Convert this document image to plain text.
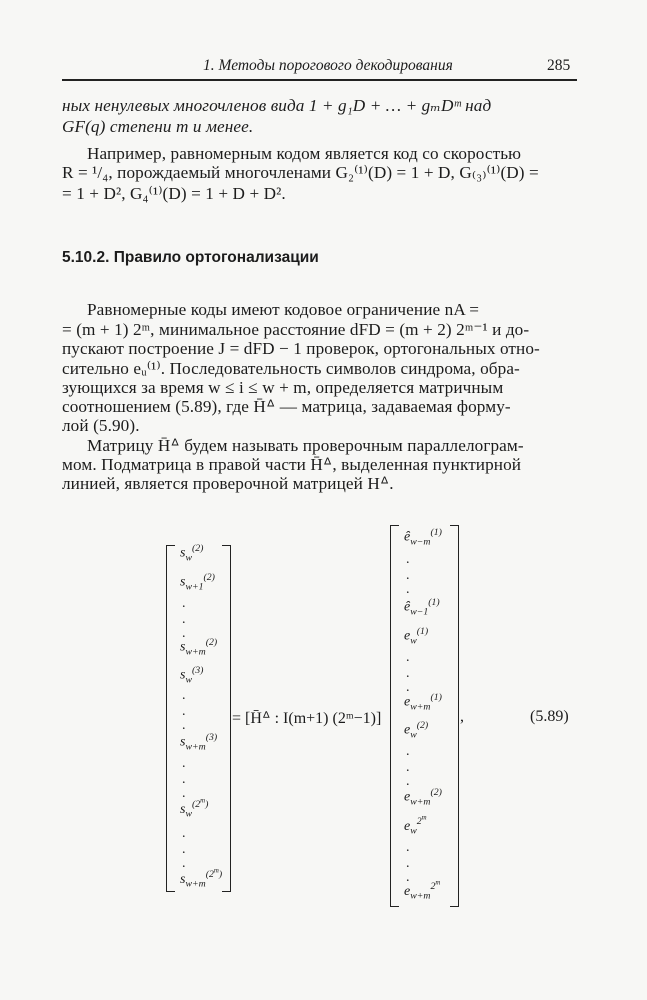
1. Методы порогового декодирования	285
ных ненулевых многочленов вида 1 + g₁D + … + gₘDᵐ над
GF(q) степени m и менее.
Например, равномерным кодом является код со скоростью
R = ¹/₄, порождаемый многочленами G₂⁽¹⁾(D) = 1 + D, G₍₃₎⁽¹⁾(D) =
= 1 + D², G₄⁽¹⁾(D) = 1 + D + D².
5.10.2. Правило ортогонализации
Равномерные коды имеют кодовое ограничение nA =
= (m + 1) 2ᵐ, минимальное расстояние dFD = (m + 2) 2ᵐ⁻¹ и до-
пускают построение J = dFD − 1 проверок, ортогональных отно-
сительно eᵤ⁽¹⁾. Последовательность символов синдрома, обра-
зующихся за время w ≤ i ≤ w + m, определяется матричным
соотношением (5.89), где H̄ᐞ — матрица, задаваемая форму-
лой (5.90).
Матрицу H̄ᐞ будем называть проверочным параллелограм-
мом. Подматрица в правой части H̄ᐞ, выделенная пунктирной
линией, является проверочной матрицей Hᐞ.
$s_w^{(2)}$
$s_{w+1}^{(2)}$
.
.
.
$s_{w+m}^{(2)}$
$s_w^{(3)}$
.
.
.
$s_{w+m}^{(3)}$
.
.
.
$s_w^{(2^m)}$
.
.
.
$s_{w+m}^{(2^m)}$
= [H̄ᐞ : I(m+1) (2ᵐ−1)]
$ê_{w-m}^{(1)}$
.
.
.
$ê_{w-1}^{(1)}$
$e_w^{(1)}$
.
.
.
$e_{w+m}^{(1)}$
$e_w^{(2)}$
.
.
.
$e_{w+m}^{(2)}$
$e_w^{2^m}$
.
.
.
$e_{w+m}^{2^m}$
,	(5.89)
